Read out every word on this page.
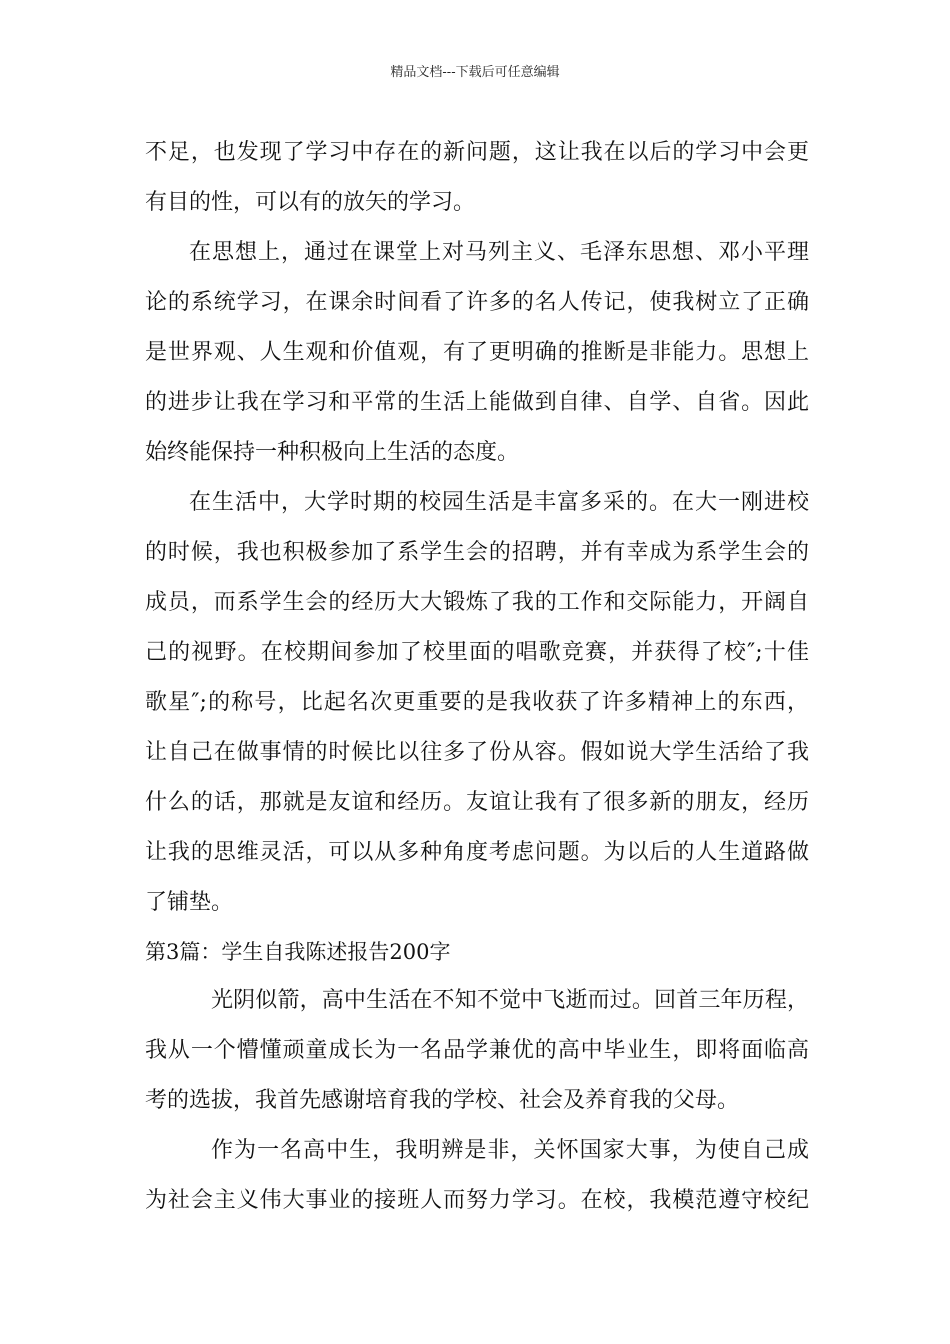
精品文档---下载后可任意编辑
不足，也发现了学习中存在的新问题，这让我在以后的学习中会更
有目的性，可以有的放矢的学习。
在思想上，通过在课堂上对马列主义、毛泽东思想、邓小平理
论的系统学习，在课余时间看了许多的名人传记，使我树立了正确
是世界观、人生观和价值观，有了更明确的推断是非能力。思想上
的进步让我在学习和平常的生活上能做到自律、自学、自省。因此
始终能保持一种积极向上生活的态度。
在生活中，大学时期的校园生活是丰富多采的。在大一刚进校
的时候，我也积极参加了系学生会的招聘，并有幸成为系学生会的
成员，而系学生会的经历大大锻炼了我的工作和交际能力，开阔自
己的视野。在校期间参加了校里面的唱歌竞赛，并获得了校″;十佳
歌星″;的称号，比起名次更重要的是我收获了许多精神上的东西，
让自己在做事情的时候比以往多了份从容。假如说大学生活给了我
什么的话，那就是友谊和经历。友谊让我有了很多新的朋友，经历
让我的思维灵活，可以从多种角度考虑问题。为以后的人生道路做
了铺垫。
第3篇：学生自我陈述报告200字
光阴似箭，高中生活在不知不觉中飞逝而过。回首三年历程，
我从一个懵懂顽童成长为一名品学兼优的高中毕业生，即将面临高
考的选拔，我首先感谢培育我的学校、社会及养育我的父母。
作为一名高中生，我明辨是非，关怀国家大事，为使自己成
为社会主义伟大事业的接班人而努力学习。在校，我模范遵守校纪
